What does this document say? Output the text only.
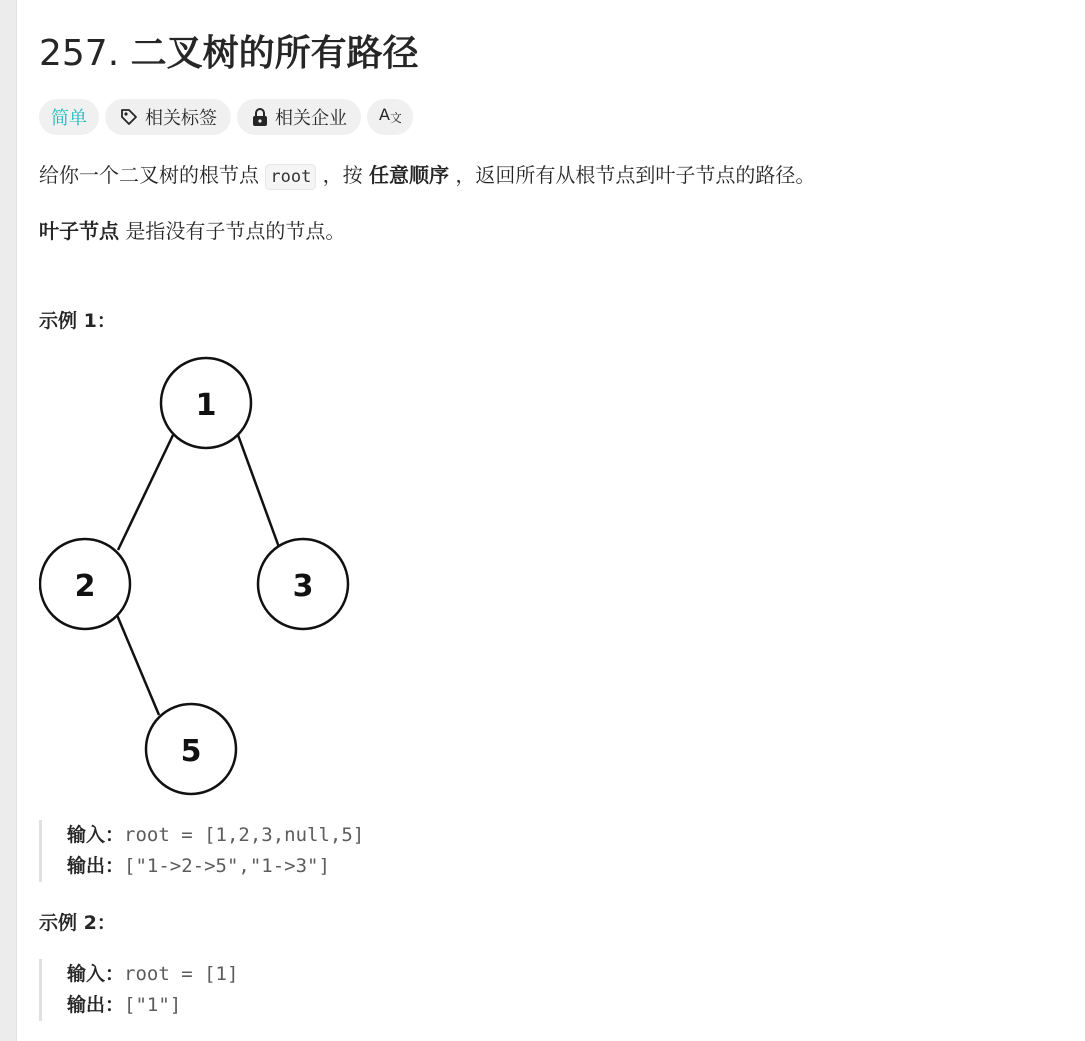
257. 二叉树的所有路径
简单	相关标签	相关企业 A 文
给你一个二叉树的根节点 root ，按 任意顺序 ，返回所有从根节点到叶子节点的路径。
叶子节点 是指没有子节点的节点。
示例 1：
1
2	3
5
输入：root = [1,2,3,null,5]
输出：["1->2->5","1->3"]
示例 2：
输入：root = [1]
输出：["1"]
